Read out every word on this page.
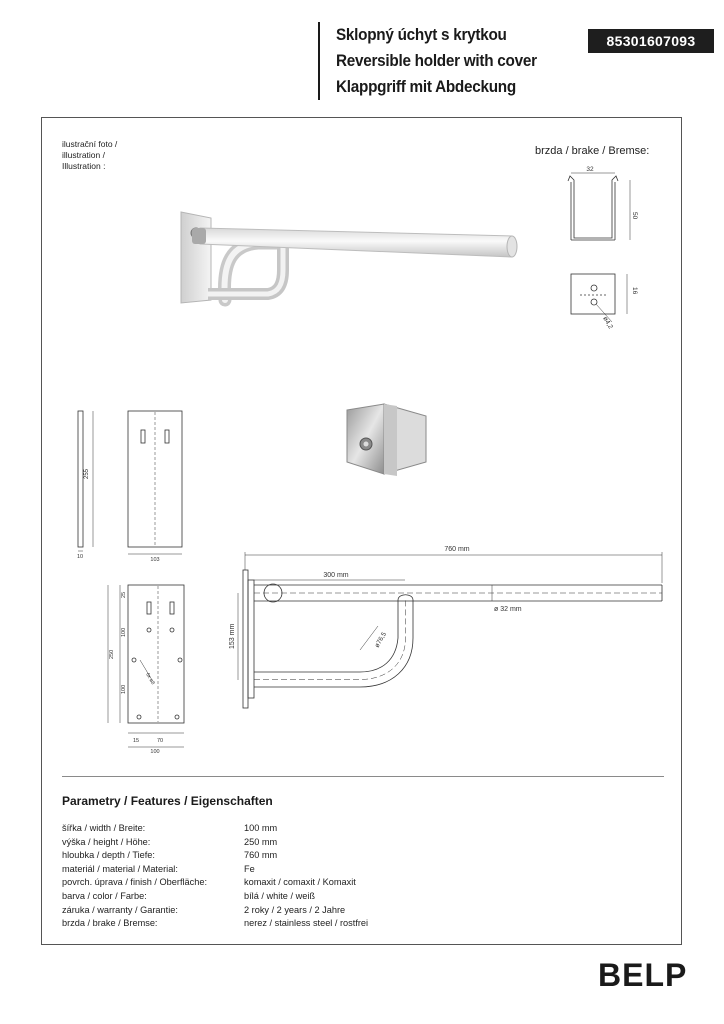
Sklopný úchyt s krytkou
Reversible holder with cover
Klappgriff mit Abdeckung
85301607093
ilustrační foto /
illustration /
Illustration :
brzda / brake / Bremse:
32
50
16
ø4,2
255
10	103
250
25
100
100
15	70
100
6x ø8
760 mm
300 mm
ø 32 mm
153 mm	ø76,5
Parametry / Features / Eigenschaften
šířka / width / Breite:	100 mm
výška / height / Höhe:	250 mm
hloubka / depth / Tiefe:	760 mm
materiál / material / Material:	Fe
povrch. úprava / finish / Oberfläche:	komaxit / comaxit / Komaxit
barva / color / Farbe:	bílá / white / weiß
záruka / warranty / Garantie:	2 roky / 2 years / 2 Jahre
brzda / brake / Bremse:	nerez / stainless steel / rostfrei
BELP
